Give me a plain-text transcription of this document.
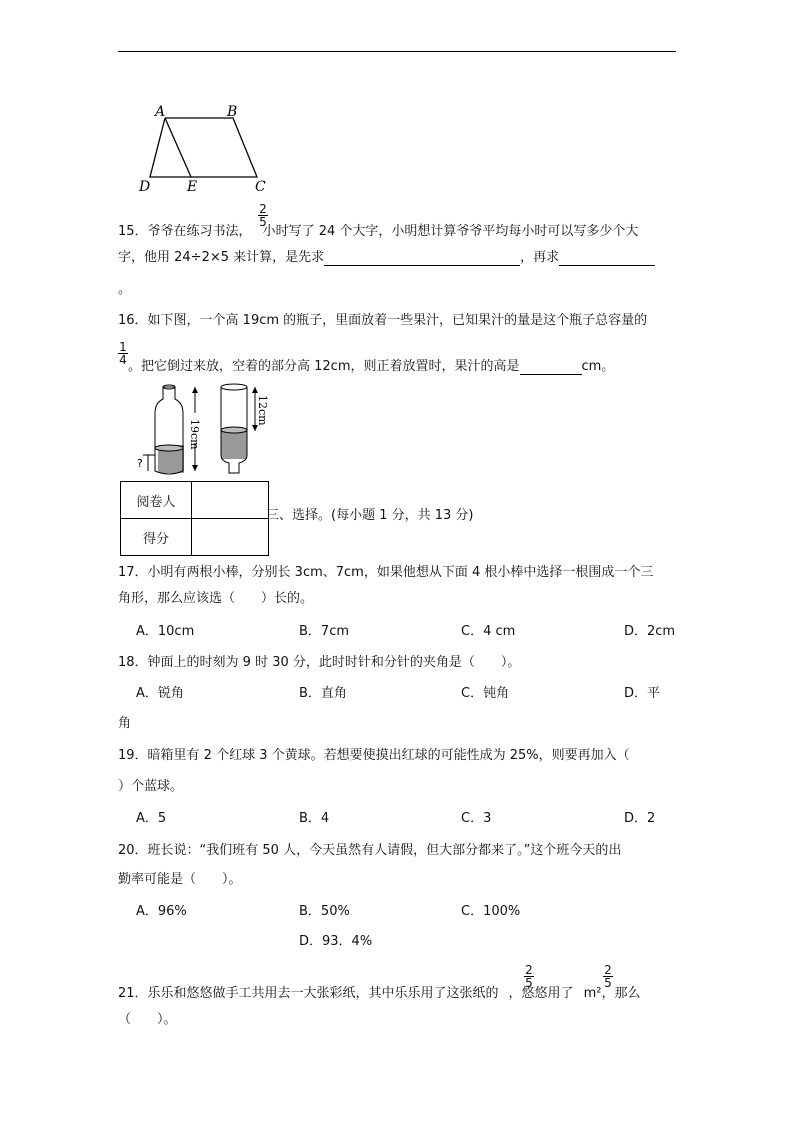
A	B
C
D	E
$\frac{2}{5}$
15．爷爷在练习书法， 小时写了 24 个大字，小明想计算爷爷平均每小时可以写多少个大
字，他用 24÷2×5 来计算，是先求	，再求
。
16．如下图，一个高 19cm 的瓶子，里面放着一些果汁，已知果汁的量是这个瓶子总容量的
$\frac{1}{4}$
。把它倒过来放，空着的部分高 12cm，则正着放置时，果汁的高是	cm。
19cm
?
12cm
阅卷人	
得分	
三、选择。(每小题 1 分，共 13 分)
17．小明有两根小棒，分别长 3cm、7cm，如果他想从下面 4 根小棒中选择一根围成一个三
角形，那么应该选（　　）长的。
A．10cm	B．7cm	C．4 cm	D．2cm
18．钟面上的时刻为 9 时 30 分，此时时针和分针的夹角是（　　）。
A．锐角	B．直角	C．钝角	D．平
角
19．暗箱里有 2 个红球 3 个黄球。若想要使摸出红球的可能性成为 25%，则要再加入（
）个蓝球。
A．5	B．4	C．3	D．2
20．班长说：“我们班有 50 人，今天虽然有人请假，但大部分都来了。”这个班今天的出
勤率可能是（　　）。
A．96%	B．50%	C．100%
D．93．4%
$\frac{2}{5}$	$\frac{2}{5}$
21．乐乐和悠悠做手工共用去一大张彩纸，其中乐乐用了这张纸的 ，悠悠用了 m²，那么
（　　）。
